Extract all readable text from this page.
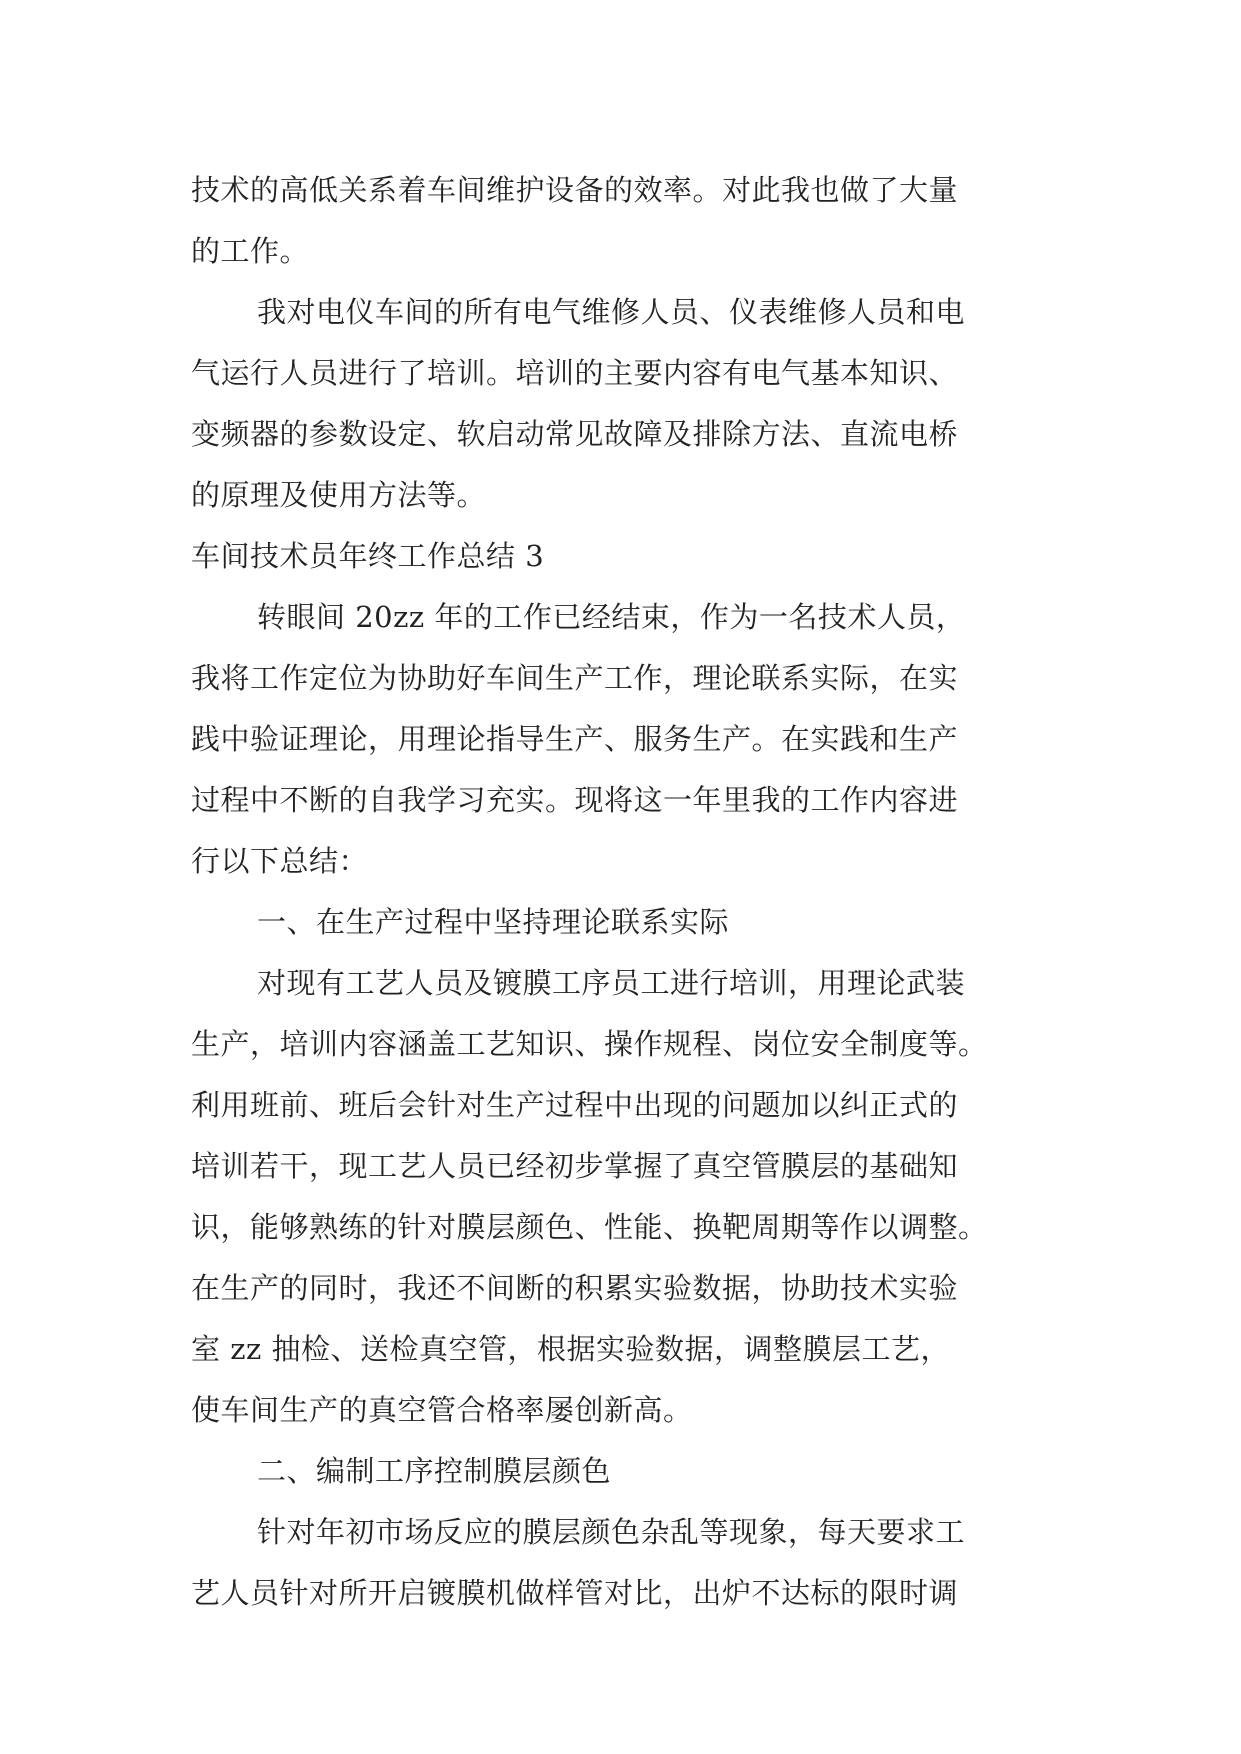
技术的高低关系着车间维护设备的效率。对此我也做了大量
的工作。
我对电仪车间的所有电气维修人员、仪表维修人员和电
气运行人员进行了培训。培训的主要内容有电气基本知识、
变频器的参数设定、软启动常见故障及排除方法、直流电桥
的原理及使用方法等。
车间技术员年终工作总结 3
转眼间 20zz 年的工作已经结束，作为一名技术人员，
我将工作定位为协助好车间生产工作，理论联系实际，在实
践中验证理论，用理论指导生产、服务生产。在实践和生产
过程中不断的自我学习充实。现将这一年里我的工作内容进
行以下总结：
一、在生产过程中坚持理论联系实际
对现有工艺人员及镀膜工序员工进行培训，用理论武装
生产，培训内容涵盖工艺知识、操作规程、岗位安全制度等。
利用班前、班后会针对生产过程中出现的问题加以纠正式的
培训若干，现工艺人员已经初步掌握了真空管膜层的基础知
识，能够熟练的针对膜层颜色、性能、换靶周期等作以调整。
在生产的同时，我还不间断的积累实验数据，协助技术实验
室 zz 抽检、送检真空管，根据实验数据，调整膜层工艺，
使车间生产的真空管合格率屡创新高。
二、编制工序控制膜层颜色
针对年初市场反应的膜层颜色杂乱等现象，每天要求工
艺人员针对所开启镀膜机做样管对比，出炉不达标的限时调
